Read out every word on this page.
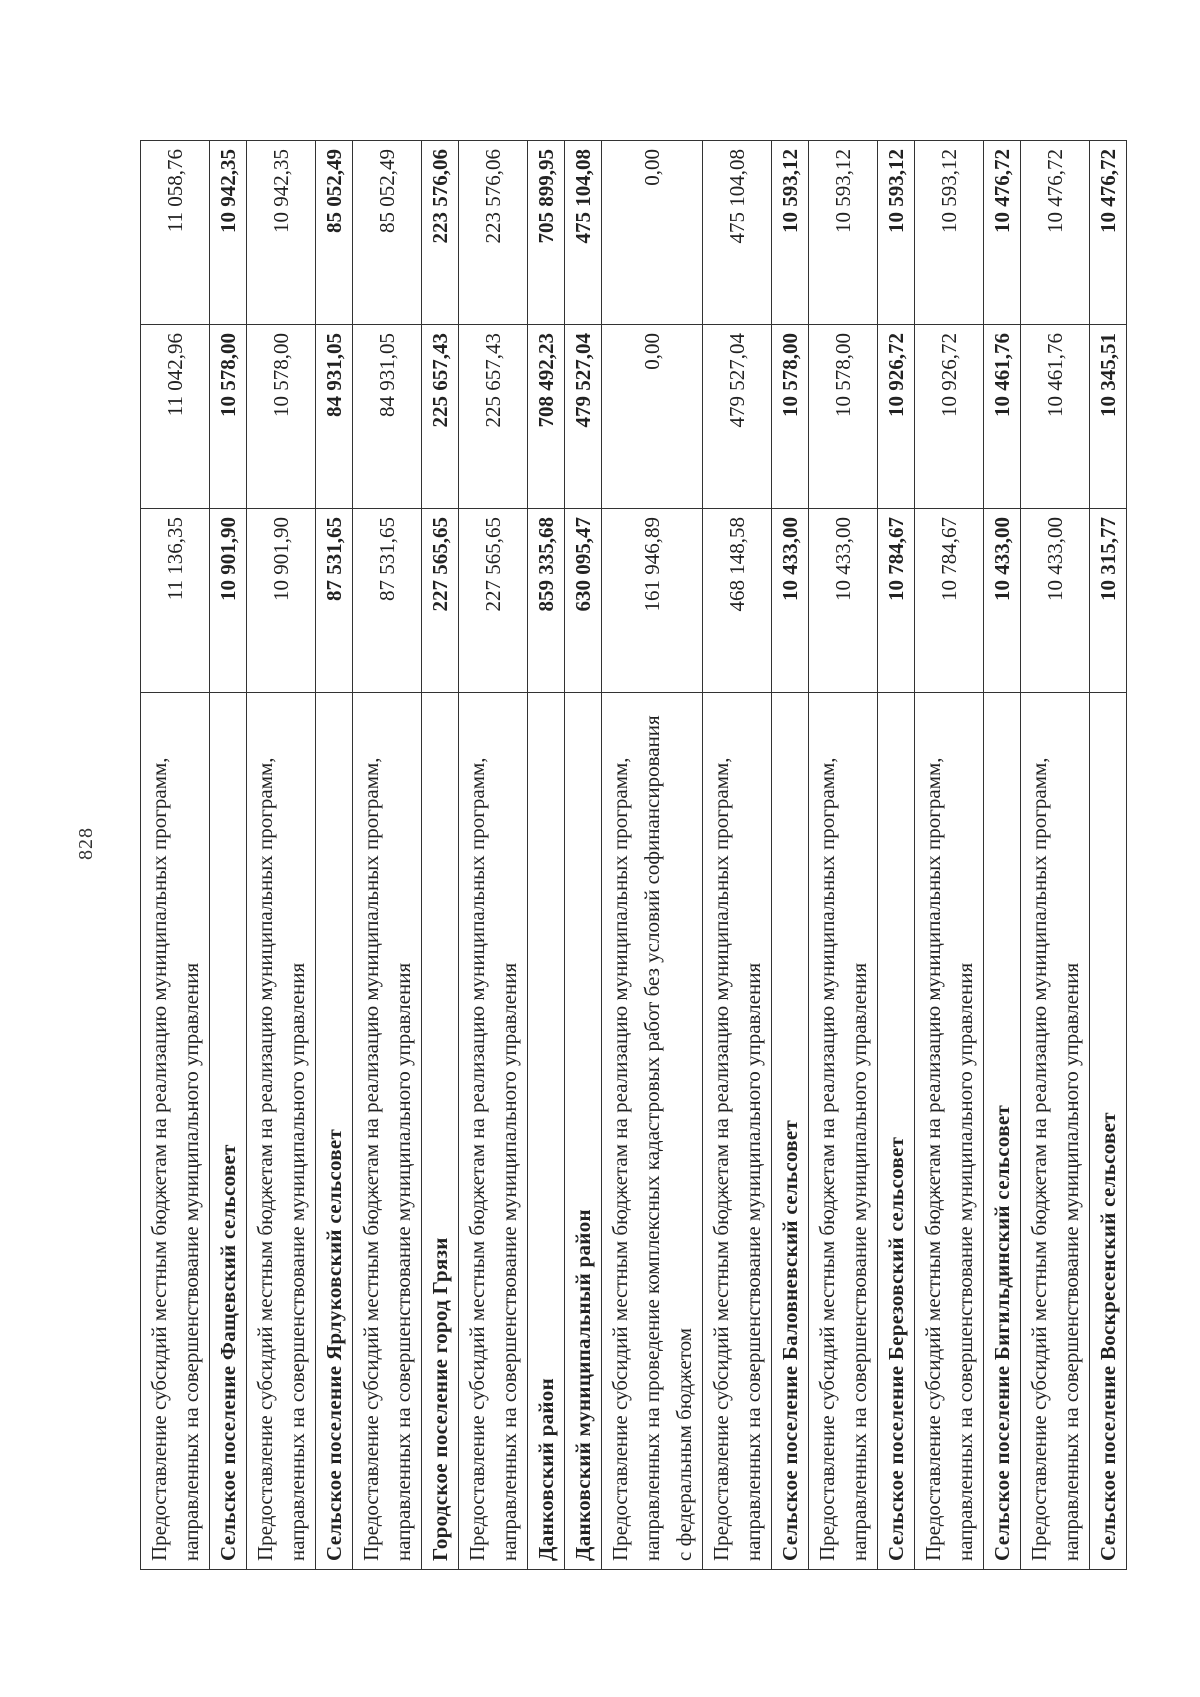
828 Предоставление субсидий местным бюджетам на реализацию муниципальных программ, направленных на совершенствование муниципального управления	11 136,35	11 042,96	11 058,76
Сельское поселение Фащевский сельсовет	10 901,90	10 578,00	10 942,35
Предоставление субсидий местным бюджетам на реализацию муниципальных программ, направленных на совершенствование муниципального управления	10 901,90	10 578,00	10 942,35
Сельское поселение Ярлуковский сельсовет	87 531,65	84 931,05	85 052,49
Предоставление субсидий местным бюджетам на реализацию муниципальных программ, направленных на совершенствование муниципального управления	87 531,65	84 931,05	85 052,49
Городское поселение город Грязи	227 565,65	225 657,43	223 576,06
Предоставление субсидий местным бюджетам на реализацию муниципальных программ, направленных на совершенствование муниципального управления	227 565,65	225 657,43	223 576,06
Данковский район	859 335,68	708 492,23	705 899,95
Данковский муниципальный район	630 095,47	479 527,04	475 104,08
Предоставление субсидий местным бюджетам на реализацию муниципальных программ, направленных на проведение комплексных кадастровых работ без условий софинансирования с федеральным бюджетом	161 946,89	0,00	0,00
Предоставление субсидий местным бюджетам на реализацию муниципальных программ, направленных на совершенствование муниципального управления	468 148,58	479 527,04	475 104,08
Сельское поселение Баловневский сельсовет	10 433,00	10 578,00	10 593,12
Предоставление субсидий местным бюджетам на реализацию муниципальных программ, направленных на совершенствование муниципального управления	10 433,00	10 578,00	10 593,12
Сельское поселение Березовский сельсовет	10 784,67	10 926,72	10 593,12
Предоставление субсидий местным бюджетам на реализацию муниципальных программ, направленных на совершенствование муниципального управления	10 784,67	10 926,72	10 593,12
Сельское поселение Бигильдинский сельсовет	10 433,00	10 461,76	10 476,72
Предоставление субсидий местным бюджетам на реализацию муниципальных программ, направленных на совершенствование муниципального управления	10 433,00	10 461,76	10 476,72
Сельское поселение Воскресенский сельсовет	10 315,77	10 345,51	10 476,72
